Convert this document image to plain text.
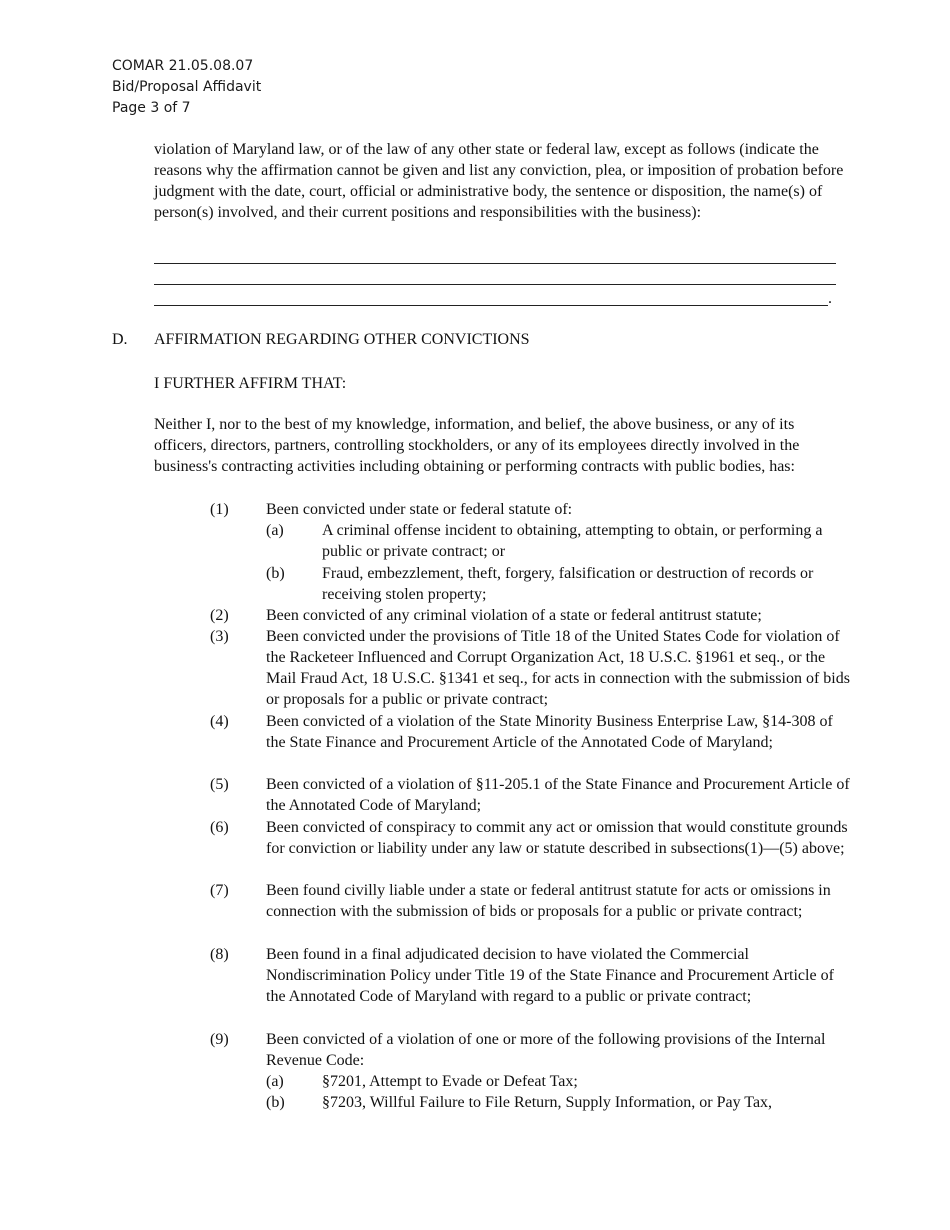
COMAR 21.05.08.07
Bid/Proposal Affidavit
Page 3 of 7
violation of Maryland law, or of the law of any other state or federal law, except as follows (indicate the reasons why the affirmation cannot be given and list any conviction, plea, or imposition of probation before judgment with the date, court, official or administrative body, the sentence or disposition, the name(s) of person(s) involved, and their current positions and responsibilities with the business):
.
D. AFFIRMATION REGARDING OTHER CONVICTIONS
I FURTHER AFFIRM THAT:
Neither I, nor to the best of my knowledge, information, and belief, the above business, or any of its officers, directors, partners, controlling stockholders, or any of its employees directly involved in the business's contracting activities including obtaining or performing contracts with public bodies, has:
(1) Been convicted under state or federal statute of:
(a) A criminal offense incident to obtaining, attempting to obtain, or performing a public or private contract; or
(b) Fraud, embezzlement, theft, forgery, falsification or destruction of records or receiving stolen property;
(2) Been convicted of any criminal violation of a state or federal antitrust statute;
(3) Been convicted under the provisions of Title 18 of the United States Code for violation of the Racketeer Influenced and Corrupt Organization Act, 18 U.S.C. §1961 et seq., or the Mail Fraud Act, 18 U.S.C. §1341 et seq., for acts in connection with the submission of bids or proposals for a public or private contract;
(4) Been convicted of a violation of the State Minority Business Enterprise Law, §14-308 of the State Finance and Procurement Article of the Annotated Code of Maryland;
(5) Been convicted of a violation of §11-205.1 of the State Finance and Procurement Article of the Annotated Code of Maryland;
(6) Been convicted of conspiracy to commit any act or omission that would constitute grounds for conviction or liability under any law or statute described in subsections(1)—(5) above;
(7) Been found civilly liable under a state or federal antitrust statute for acts or omissions in connection with the submission of bids or proposals for a public or private contract;
(8) Been found in a final adjudicated decision to have violated the Commercial Nondiscrimination Policy under Title 19 of the State Finance and Procurement Article of the Annotated Code of Maryland with regard to a public or private contract;
(9) Been convicted of a violation of one or more of the following provisions of the Internal Revenue Code:
(a) §7201, Attempt to Evade or Defeat Tax;
(b) §7203, Willful Failure to File Return, Supply Information, or Pay Tax,
